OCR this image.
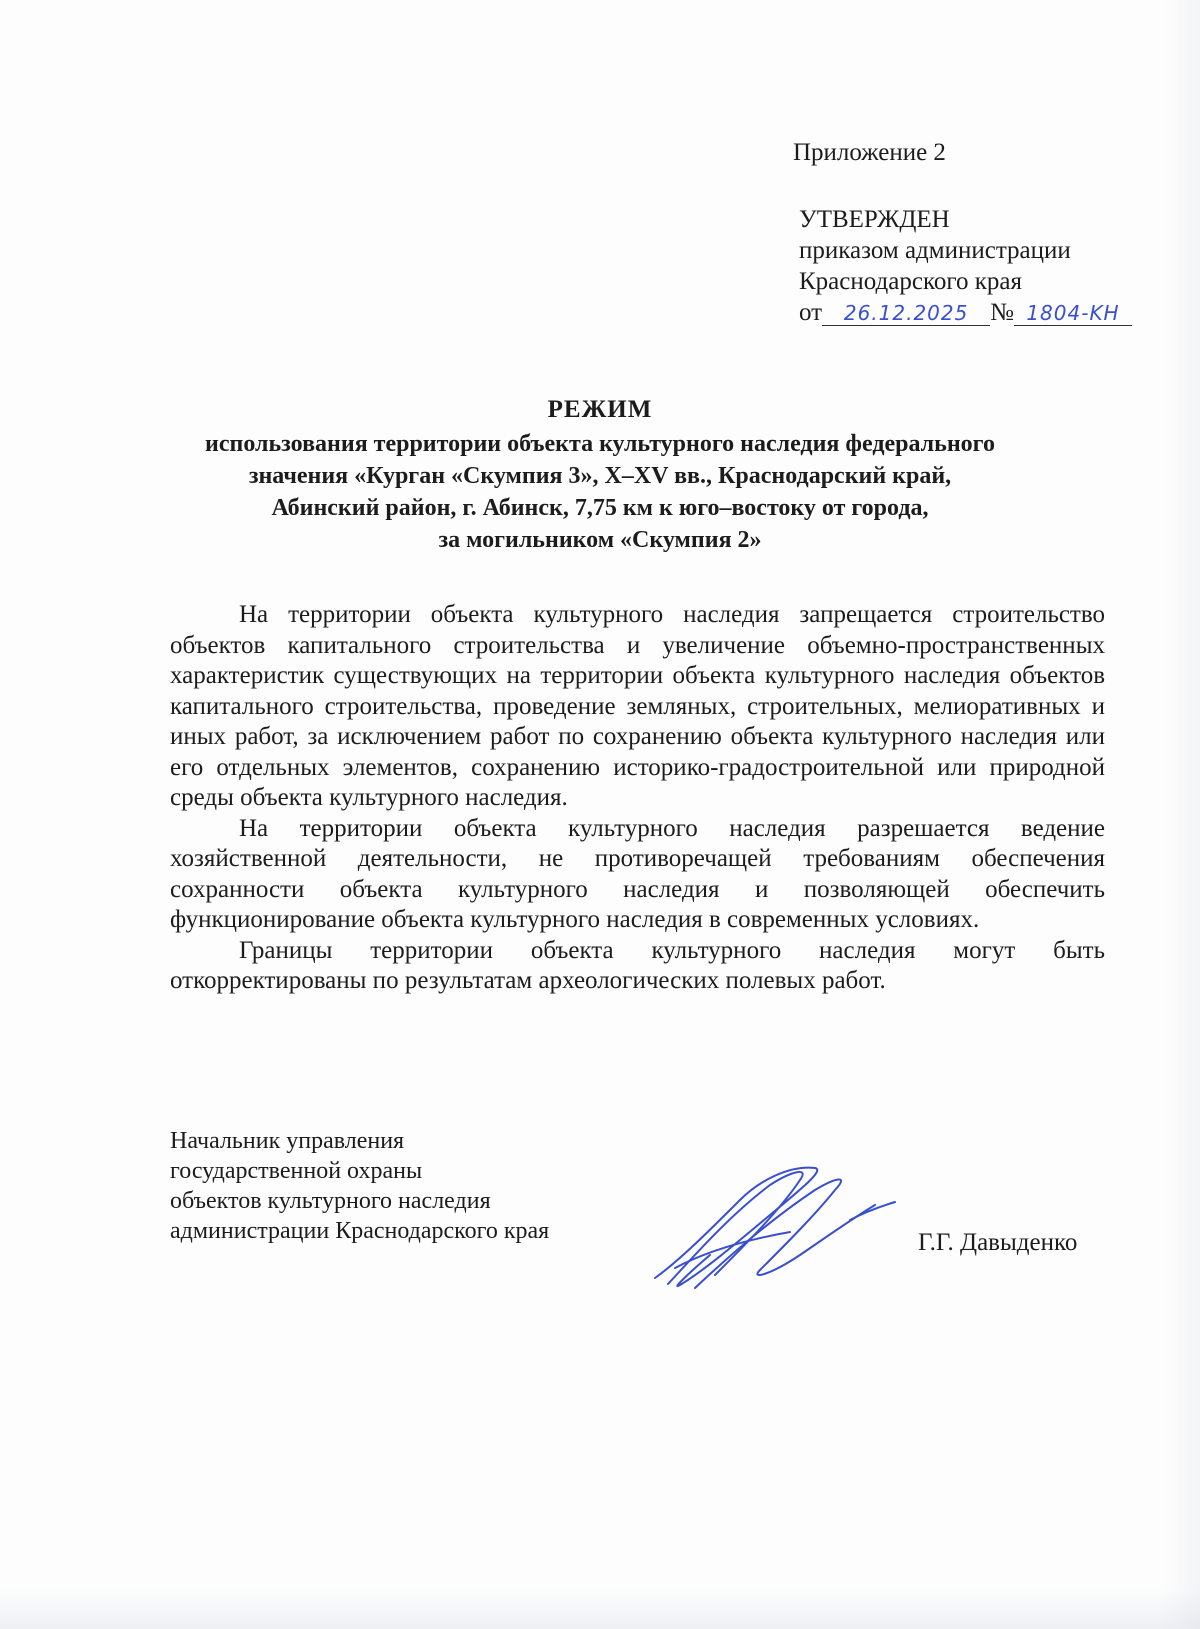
Приложение 2
УТВЕРЖДЕН
приказом администрации
Краснодарского края
от 26.12.2025 № 1804-KH
РЕЖИМ
использования территории объекта культурного наследия федерального
значения «Курган «Скумпия 3», X–XV вв., Краснодарский край,
Абинский район, г. Абинск, 7,75 км к юго–востоку от города,
за могильником «Скумпия 2»

На территории объекта культурного наследия запрещается строительство объектов капитального строительства и увеличение объемно-пространственных характеристик существующих на территории объекта культурного наследия объектов капитального строительства, проведение земляных, строительных, мелиоративных и иных работ, за исключением работ по сохранению объекта культурного наследия или его отдельных элементов, сохранению историко-градостроительной или природной среды объекта культурного наследия.

На территории объекта культурного наследия разрешается ведение хозяйственной деятельности, не противоречащей требованиям обеспечения сохранности объекта культурного наследия и позволяющей обеспечить функционирование объекта культурного наследия в современных условиях.

Границы территории объекта культурного наследия могут быть откорректированы по результатам археологических полевых работ.

Начальник управления
государственной охраны
объектов культурного наследия
администрации Краснодарского края	Г.Г. Давыденко
